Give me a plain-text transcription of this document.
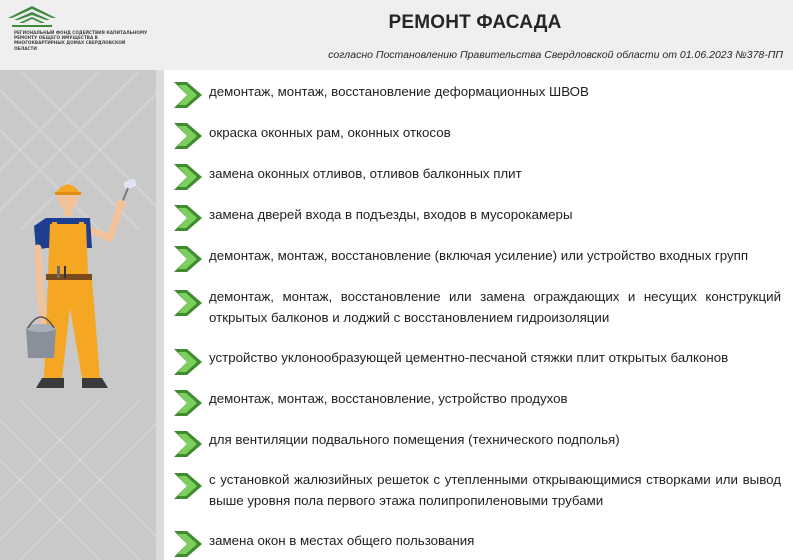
РЕГИОНАЛЬНЫЙ ФОНД СОДЕЙСТВИЯ КАПИТАЛЬНОМУ РЕМОНТУ ОБЩЕГО ИМУЩЕСТВА В МНОГОКВАРТИРНЫХ ДОМАХ СВЕРДЛОВСКОЙ ОБЛАСТИ
РЕМОНТ ФАСАДА
согласно Постановлению Правительства Свердловской области от 01.06.2023 №378-ПП
демонтаж, монтаж, восстановление деформационных ШВОВ
окраска оконных рам, оконных откосов
замена оконных отливов, отливов балконных плит
замена дверей входа в подъезды, входов в мусорокамеры
демонтаж, монтаж, восстановление (включая усиление) или устройство входных групп
демонтаж, монтаж, восстановление или замена ограждающих и несущих конструкций открытых балконов и лоджий с восстановлением гидроизоляции
устройство уклонообразующей цементно-песчаной стяжки плит открытых балконов
демонтаж, монтаж, восстановление, устройство продухов
для вентиляции подвального помещения (технического подполья)
с установкой жалюзийных решеток с утепленными открывающимися створками или вывод выше уровня пола первого этажа полипропиленовыми трубами
замена окон в местах общего пользования
